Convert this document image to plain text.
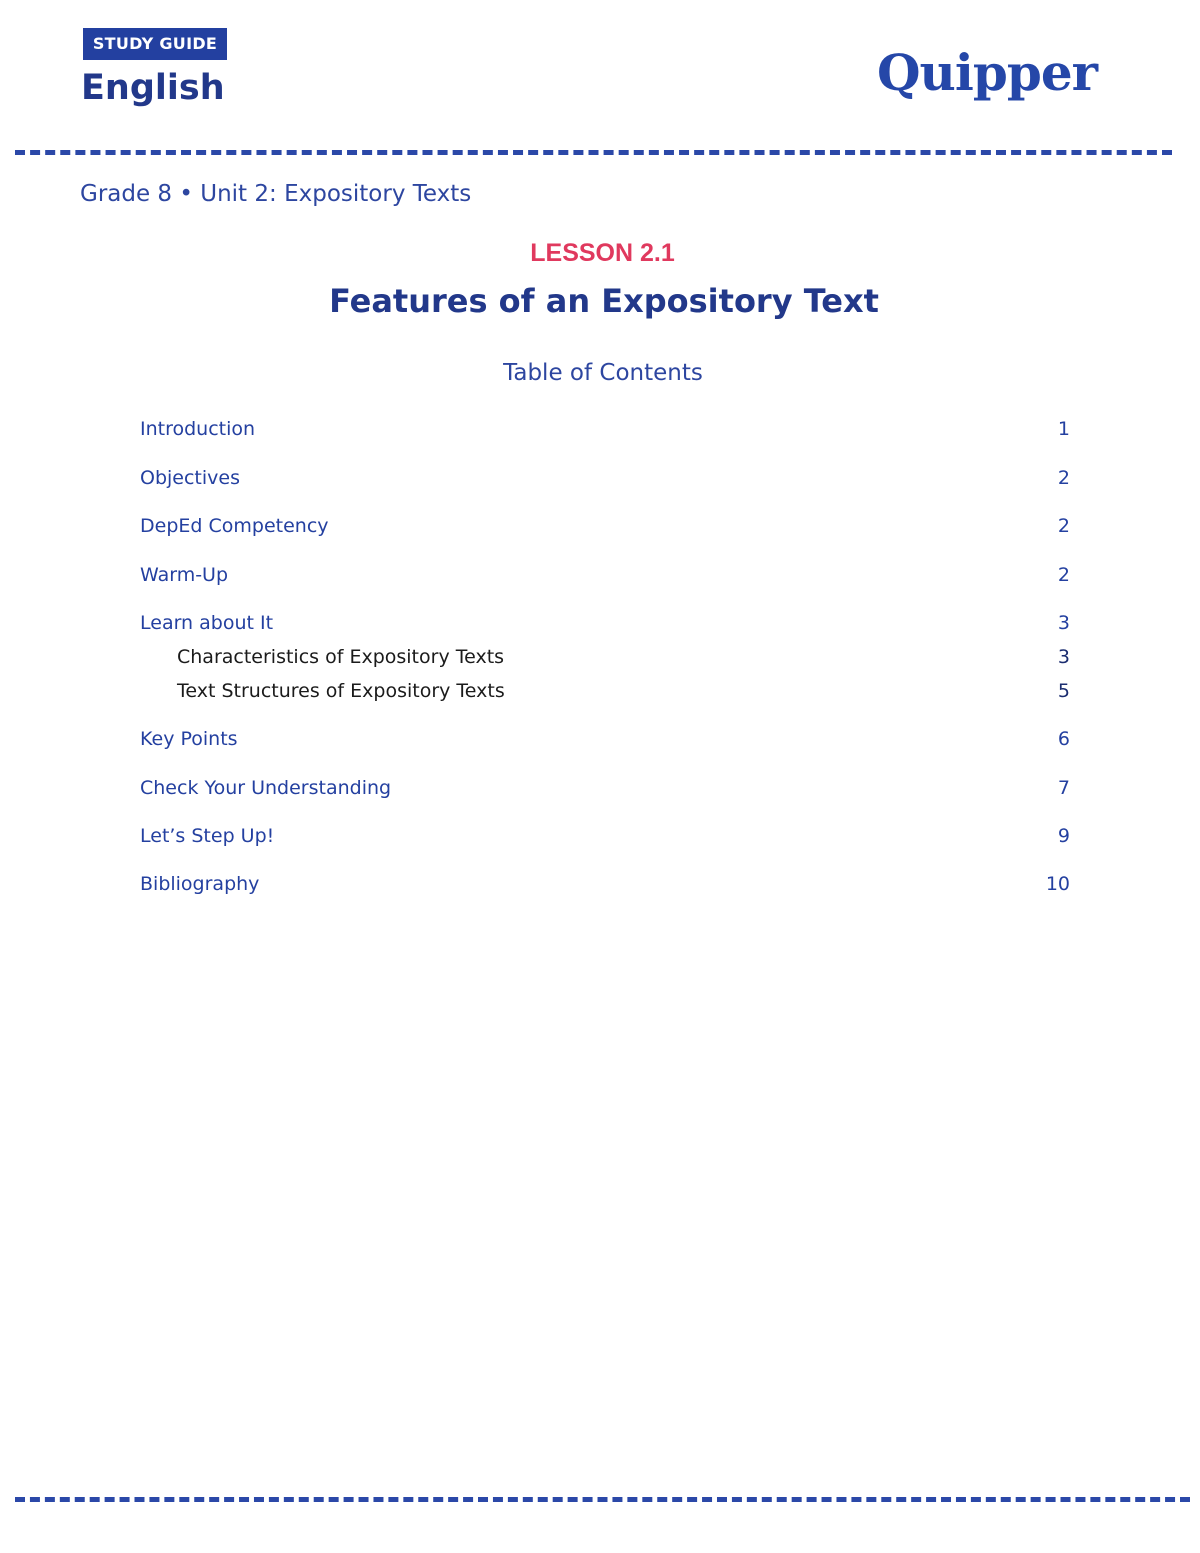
STUDY GUIDE
English	Quipper
Grade 8 • Unit 2: Expository Texts
LESSON 2.1
Features of an Expository Text
Table of Contents
Introduction	1
Objectives	2
DepEd Competency	2
Warm-Up	2
Learn about It	3
Characteristics of Expository Texts	3
Text Structures of Expository Texts	5
Key Points	6
Check Your Understanding	7
Let’s Step Up!	9
Bibliography	10
